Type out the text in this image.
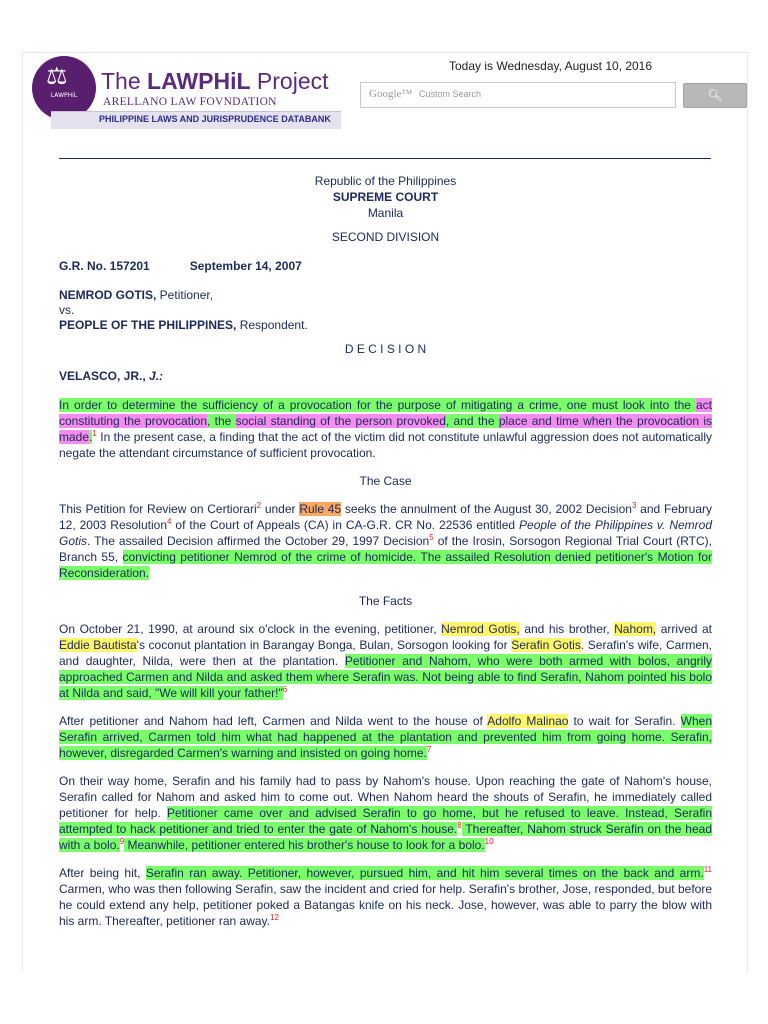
⚖
LAWPHiL
The LAWPHiL Project
ARELLANO LAW FOVNDATION
PHILIPPINE LAWS AND JURISPRUDENCE DATABANK
Today is Wednesday, August 10, 2016
Google™ Custom Search	🔍︎
Republic of the Philippines
SUPREME COURT
Manila
SECOND DIVISION
G.R. No. 157201	September 14, 2007
NEMROD GOTIS, Petitioner,
vs.
PEOPLE OF THE PHILIPPINES, Respondent.
D E C I S I O N
VELASCO, JR., J.:

In order to determine the sufficiency of a provocation for the purpose of mitigating a crime, one must look into the act constituting the provocation, the social standing of the person provoked, and the place and time when the provocation is made.$^1$ In the present case, a finding that the act of the victim did not constitute unlawful aggression does not automatically negate the attendant circumstance of sufficient provocation.

The Case

This Petition for Review on Certiorari$^2$ under Rule 45 seeks the annulment of the August 30, 2002 Decision$^3$ and February 12, 2003 Resolution$^4$ of the Court of Appeals (CA) in CA-G.R. CR No. 22536 entitled People of the Philippines v. Nemrod Gotis. The assailed Decision affirmed the October 29, 1997 Decision$^5$ of the Irosin, Sorsogon Regional Trial Court (RTC), Branch 55, convicting petitioner Nemrod of the crime of homicide. The assailed Resolution denied petitioner's Motion for Reconsideration.

The Facts

On October 21, 1990, at around six o'clock in the evening, petitioner, Nemrod Gotis, and his brother, Nahom, arrived at Eddie Bautista's coconut plantation in Barangay Bonga, Bulan, Sorsogon looking for Serafin Gotis. Serafin's wife, Carmen, and daughter, Nilda, were then at the plantation. Petitioner and Nahom, who were both armed with bolos, angrily approached Carmen and Nilda and asked them where Serafin was. Not being able to find Serafin, Nahom pointed his bolo at Nilda and said, "We will kill your father!"$^6$

After petitioner and Nahom had left, Carmen and Nilda went to the house of Adolfo Malinao to wait for Serafin. When Serafin arrived, Carmen told him what had happened at the plantation and prevented him from going home. Serafin, however, disregarded Carmen's warning and insisted on going home.$^7$

On their way home, Serafin and his family had to pass by Nahom's house. Upon reaching the gate of Nahom's house, Serafin called for Nahom and asked him to come out. When Nahom heard the shouts of Serafin, he immediately called petitioner for help. Petitioner came over and advised Serafin to go home, but he refused to leave. Instead, Serafin attempted to hack petitioner and tried to enter the gate of Nahom's house.$^8$ Thereafter, Nahom struck Serafin on the head with a bolo.$^9$ Meanwhile, petitioner entered his brother's house to look for a bolo.$^{10}$

After being hit, Serafin ran away. Petitioner, however, pursued him, and hit him several times on the back and arm.$^{11}$ Carmen, who was then following Serafin, saw the incident and cried for help. Serafin's brother, Jose, responded, but before he could extend any help, petitioner poked a Batangas knife on his neck. Jose, however, was able to parry the blow with his arm. Thereafter, petitioner ran away.$^{12}$
